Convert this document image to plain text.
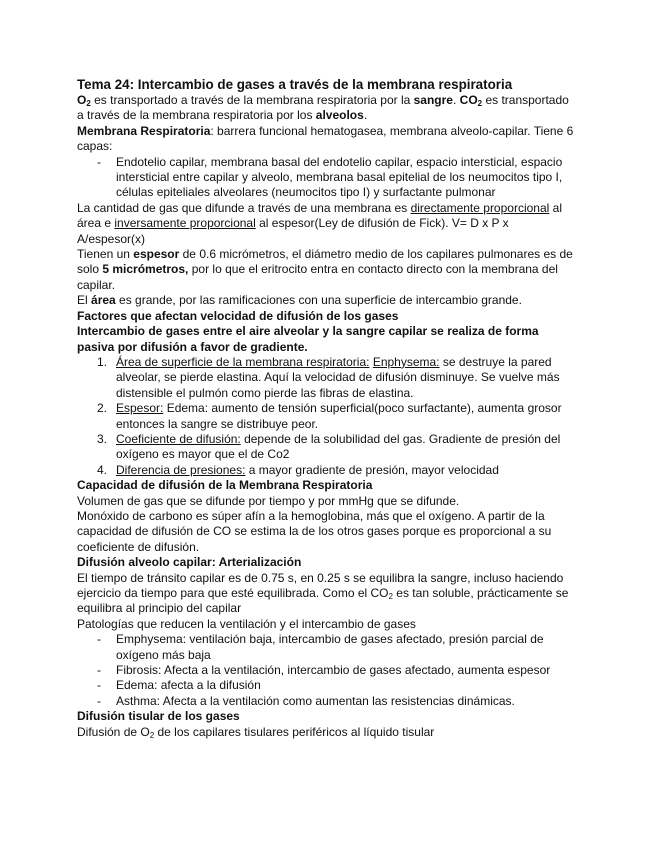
Tema 24: Intercambio de gases a través de la membrana respiratoria

$O_2$ es transportado a través de la membrana respiratoria por la sangre. $CO_2$ es transportado a través de la membrana respiratoria por los alveolos.

Membrana Respiratoria: barrera funcional hematogasea, membrana alveolo-capilar. Tiene 6 capas:

- Endotelio capilar, membrana basal del endotelio capilar, espacio intersticial, espacio intersticial entre capilar y alveolo, membrana basal epitelial de los neumocitos tipo I, células epiteliales alveolares (neumocitos tipo I) y surfactante pulmonar

La cantidad de gas que difunde a través de una membrana es directamente proporcional al área e inversamente proporcional al espesor(Ley de difusión de Fick). V= D x P x A/espesor(x)

Tienen un espesor de 0.6 micrómetros, el diámetro medio de los capilares pulmonares es de solo 5 micrómetros, por lo que el eritrocito entra en contacto directo con la membrana del capilar.

El área es grande, por las ramificaciones con una superficie de intercambio grande.

Factores que afectan velocidad de difusión de los gases

Intercambio de gases entre el aire alveolar y la sangre capilar se realiza de forma pasiva por difusión a favor de gradiente.

1. Área de superficie de la membrana respiratoria: Enphysema: se destruye la pared alveolar, se pierde elastina. Aquí la velocidad de difusión disminuye. Se vuelve más distensible el pulmón como pierde las fibras de elastina.
2. Espesor: Edema: aumento de tensión superficial(poco surfactante), aumenta grosor entonces la sangre se distribuye peor.
3. Coeficiente de difusión: depende de la solubilidad del gas. Gradiente de presión del oxígeno es mayor que el de Co2
4. Diferencia de presiones: a mayor gradiente de presión, mayor velocidad

Capacidad de difusión de la Membrana Respiratoria

Volumen de gas que se difunde por tiempo y por mmHg que se difunde.

Monóxido de carbono es súper afín a la hemoglobina, más que el oxígeno. A partir de la capacidad de difusión de CO se estima la de los otros gases porque es proporcional a su coeficiente de difusión.

Difusión alveolo capilar: Arterialización

El tiempo de tránsito capilar es de 0.75 s, en 0.25 s se equilibra la sangre, incluso haciendo ejercicio da tiempo para que esté equilibrada. Como el $CO_2$ es tan soluble, prácticamente se equilibra al principio del capilar

Patologías que reducen la ventilación y el intercambio de gases

- Emphysema: ventilación baja, intercambio de gases afectado, presión parcial de oxígeno más baja
- Fibrosis: Afecta a la ventilación, intercambio de gases afectado, aumenta espesor
- Edema: afecta a la difusión
- Asthma: Afecta a la ventilación como aumentan las resistencias dinámicas.

Difusión tisular de los gases

Difusión de $O_2$ de los capilares tisulares periféricos al líquido tisular
